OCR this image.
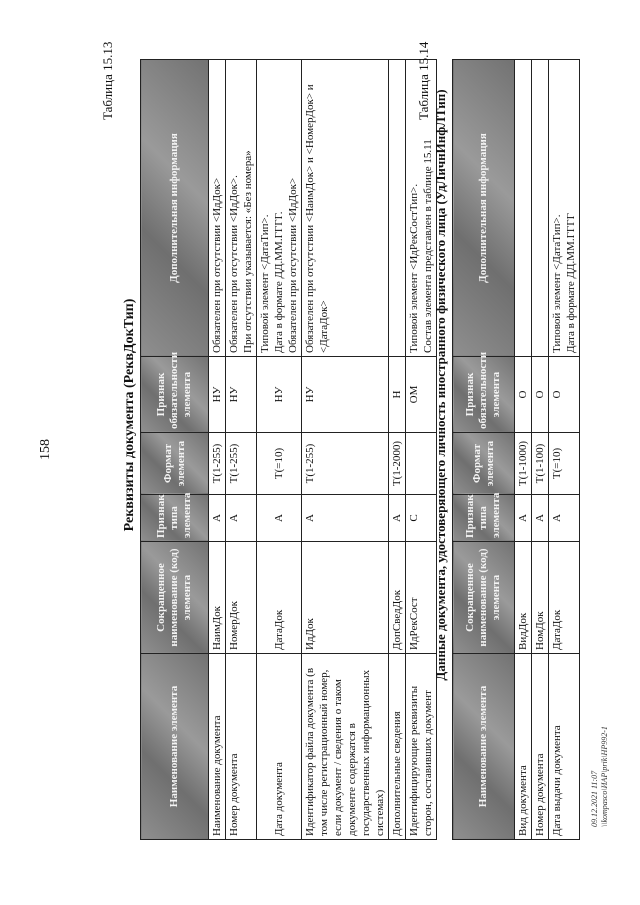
158
Таблица 15.13
Реквизиты документа (РеквДокТип)
Наименование элемента	Сокращенное наименование (код) элемента	Признак типа элемента	Формат элемента	Признак обязательности элемента	Дополнительная информация
Наименование документа	НаимДок	А	Т(1-255)	НУ	Обязателен при отсутствии <ИдДок>

Номер документа	НомерДок	А	Т(1-255)	НУ	Обязателен при отсутствии <ИдДок>. При отсутствии указывается: «Без номера»

Дата документа	ДатаДок	А	Т(=10)	НУ	Типовой элемент <ДатаТип>. Дата в формате ДД.ММ.ГГГГ. Обязателен при отсутствии <ИдДок>

Идентификатор файла документа (в том числе регистрационный номер, если документ / сведения о таком документе содержатся в государственных информационных системах)	ИдДок	А	Т(1-255)	НУ	Обязателен при отсутствии <НаимДок> и <НомерДок> и <ДатаДок>

Дополнительные сведения	ДопСведДок	А	Т(1-2000)	Н	
Идентифицирующие реквизиты сторон, составивших документ	ИдРекСост	С		ОМ	Типовой элемент <ИдРекСостТип>. Состав элемента представлен в таблице 15.11
Таблица 15.14
Данные документа, удостоверяющего личность иностранного физического лица (УдЛичнИнфЛТип)
Наименование элемента	Сокращенное наименование (код) элемента	Признак типа элемента	Формат элемента	Признак обязательности элемента	Дополнительная информация
Вид документа	ВидДок	А	Т(1-1000)	О	
Номер документа	НомДок	А	Т(1-100)	О	
Дата выдачи документа	ДатаДок	А	Т(=10)	О	Типовой элемент <ДатаТип>. Дата в формате ДД.ММ.ГГГГ
09.12.2021 11:07 \\kompasco\ИАР\prik\HP992-1
